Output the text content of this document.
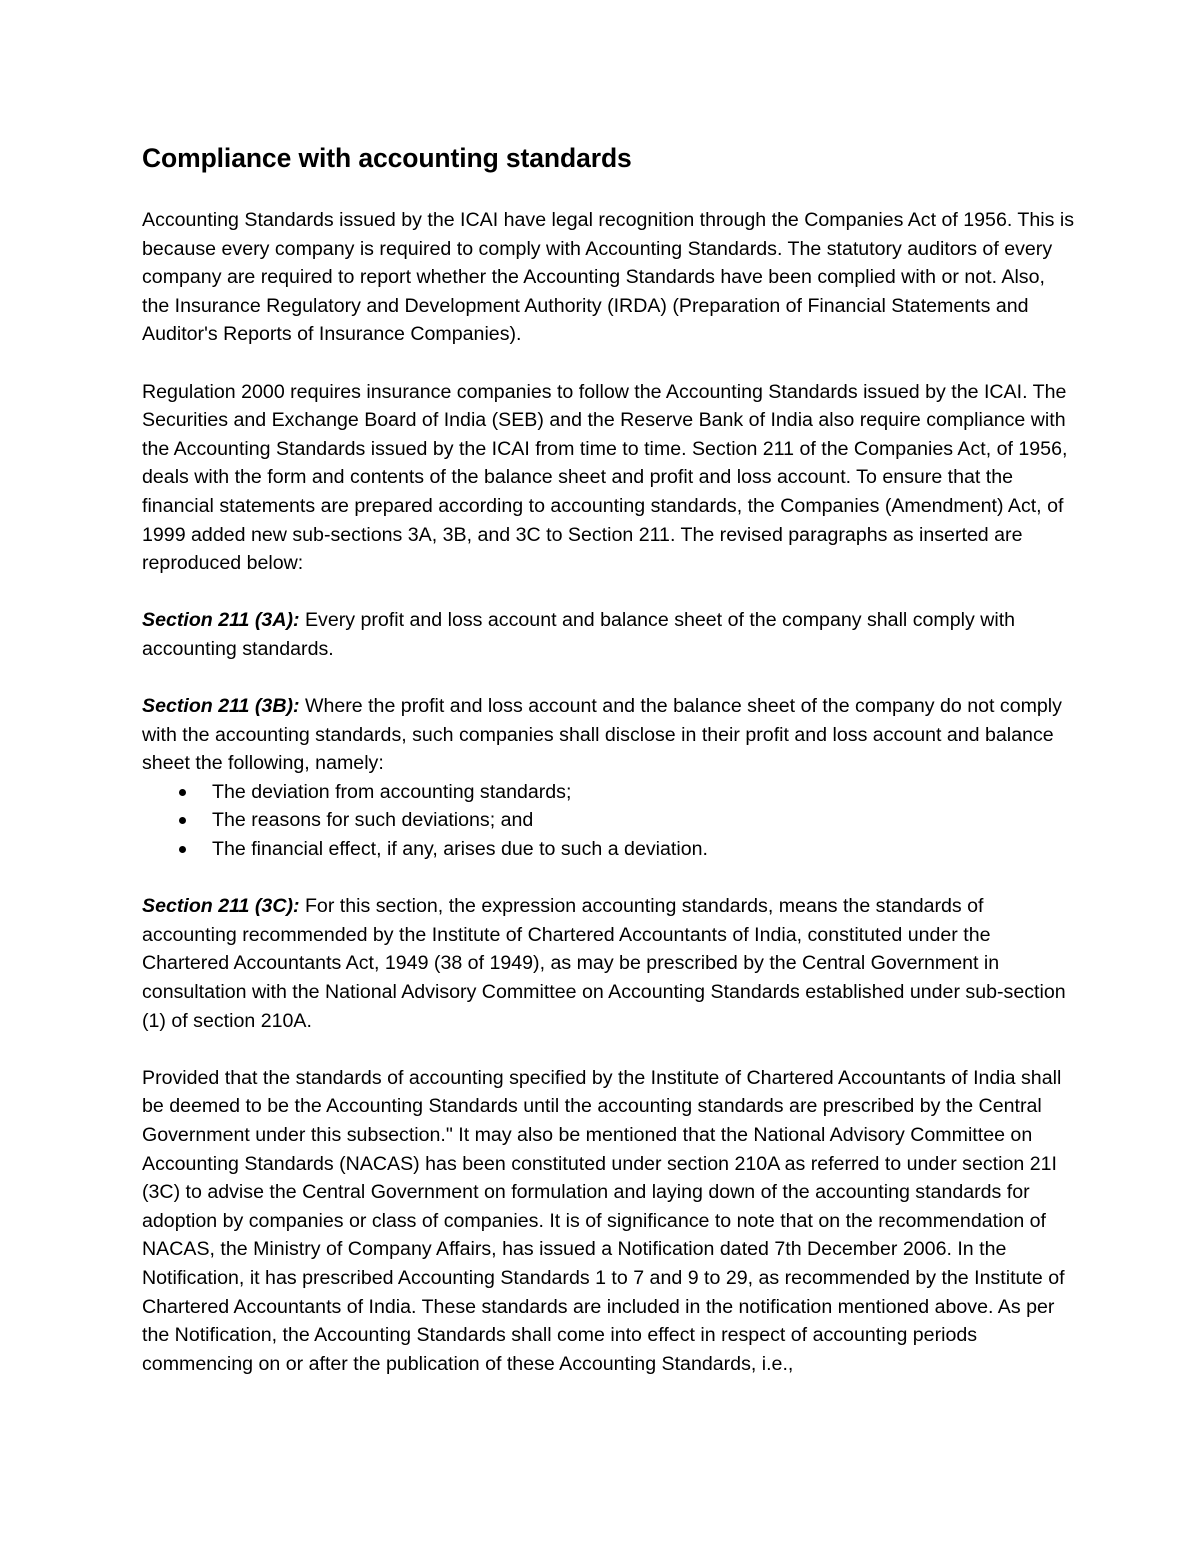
Compliance with accounting standards

Accounting Standards issued by the ICAI have legal recognition through the Companies Act of 1956. This is because every company is required to comply with Accounting Standards. The statutory auditors of every company are required to report whether the Accounting Standards have been complied with or not. Also, the Insurance Regulatory and Development Authority (IRDA) (Preparation of Financial Statements and Auditor's Reports of Insurance Companies).

Regulation 2000 requires insurance companies to follow the Accounting Standards issued by the ICAI. The Securities and Exchange Board of India (SEB) and the Reserve Bank of India also require compliance with the Accounting Standards issued by the ICAI from time to time. Section 211 of the Companies Act, of 1956, deals with the form and contents of the balance sheet and profit and loss account. To ensure that the financial statements are prepared according to accounting standards, the Companies (Amendment) Act, of 1999 added new sub-sections 3A, 3B, and 3C to Section 211. The revised paragraphs as inserted are reproduced below:

Section 211 (3A): Every profit and loss account and balance sheet of the company shall comply with accounting standards.

Section 211 (3B): Where the profit and loss account and the balance sheet of the company do not comply with the accounting standards, such companies shall disclose in their profit and loss account and balance sheet the following, namely:

The deviation from accounting standards;
The reasons for such deviations; and
The financial effect, if any, arises due to such a deviation.

Section 211 (3C): For this section, the expression accounting standards, means the standards of accounting recommended by the Institute of Chartered Accountants of India, constituted under the Chartered Accountants Act, 1949 (38 of 1949), as may be prescribed by the Central Government in consultation with the National Advisory Committee on Accounting Standards established under sub-section (1) of section 210A.

Provided that the standards of accounting specified by the Institute of Chartered Accountants of India shall be deemed to be the Accounting Standards until the accounting standards are prescribed by the Central Government under this subsection." It may also be mentioned that the National Advisory Committee on Accounting Standards (NACAS) has been constituted under section 210A as referred to under section 21I (3C) to advise the Central Government on formulation and laying down of the accounting standards for adoption by companies or class of companies. It is of significance to note that on the recommendation of NACAS, the Ministry of Company Affairs, has issued a Notification dated 7th December 2006. In the Notification, it has prescribed Accounting Standards 1 to 7 and 9 to 29, as recommended by the Institute of Chartered Accountants of India. These standards are included in the notification mentioned above. As per the Notification, the Accounting Standards shall come into effect in respect of accounting periods commencing on or after the publication of these Accounting Standards, i.e.,
